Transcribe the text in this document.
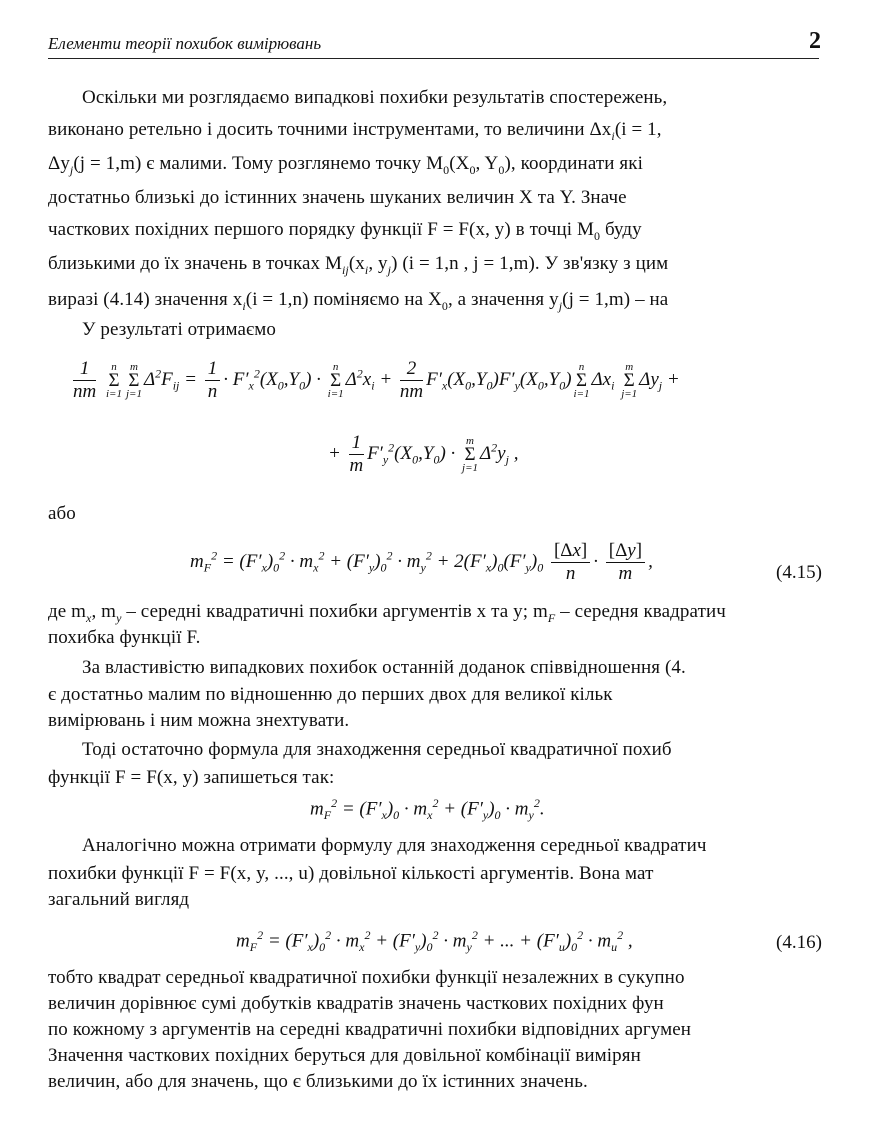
Елементи теорії похибок вимірювань	2
Оскільки ми розглядаємо випадкові похибки результатів спостережень,
виконано ретельно і досить точними інструментами, то величини $\Delta x_i(i = 1$,
$\Delta y_j(j = 1,m)$ є малими. Тому розглянемо точку $M_0(X_0$, $Y_0$), координати які
достатньо близькі до істинних значень шуканих величин X та Y. Значе
часткових похідних першого порядку функції F = F(x, y) в точці $M_0$ буду
близькими до їх значень в точках $M_{ij}(x_i$, $y_j$) (i = 1,n , j = 1,m). У зв'язку з цим
виразі (4.14) значення $x_i(i = 1,n)$ поміняємо на $X_0$, а значення $y_j(j = 1,m)$ – на
У результаті отримаємо
$\frac{1}{nm}$
	n
Σ
i=1
m
Σ
j=1
$\Delta^2F_{ij} = \frac{1}{n} \cdot F'_x^2(X_0,Y_0)$ ·
n
Σ
i=1
$\Delta^2x_i + \frac{2}{nm} F'_x(X_0,Y_0)F'_y(X_0,Y_0)$
n
Σ
i=1
$\Delta x_i$
m
Σ
j=1
$\Delta y_j$ +
+ $\frac{1}{m} F'_y^2(X_0,Y_0)$ ·
m
Σ
j=1
$\Delta^2y_j$ ,
або
$m_F^2 = (F'_x)_0^2 \cdot m_x^2 + (F'_y)_0^2 \cdot m_y^2 + 2(F'_x)_0(F'_y)_0 \frac{[\Delta x]}{n} \cdot \frac{[\Delta y]}{m}$ ,
(4.15)
де $m_x$, $m_y$ – середні квадратичні похибки аргументів x та y; $m_F$ – середня квадратич
похибка функції F.
За властивістю випадкових похибок останній доданок співвідношення (4.
є достатньо малим по відношенню до перших двох для великої кільк
вимірювань і ним можна знехтувати.
Тоді остаточно формула для знаходження середньої квадратичної похиб
функції F = F(x, y) запишеться так:
$m_F^2 = (F'_x)_0 \cdot m_x^2 + (F'_y)_0 \cdot m_y^2$.
Аналогічно можна отримати формулу для знаходження середньої квадратич
похибки функції F = F(x, y, ..., u) довільної кількості аргументів. Вона мат
загальний вигляд
$m_F^2 = (F'_x)_0^2 \cdot m_x^2 + (F'_y)_0^2 \cdot m_y^2$ + ... + $(F'_u)_0^2 \cdot m_u^2$ ,	(4.16)
тобто квадрат середньої квадратичної похибки функції незалежних в сукупно
величин дорівнює сумі добутків квадратів значень часткових похідних фун
по кожному з аргументів на середні квадратичні похибки відповідних аргумен
Значення часткових похідних беруться для довільної комбінації вимірян
величин, або для значень, що є близькими до їх істинних значень.
